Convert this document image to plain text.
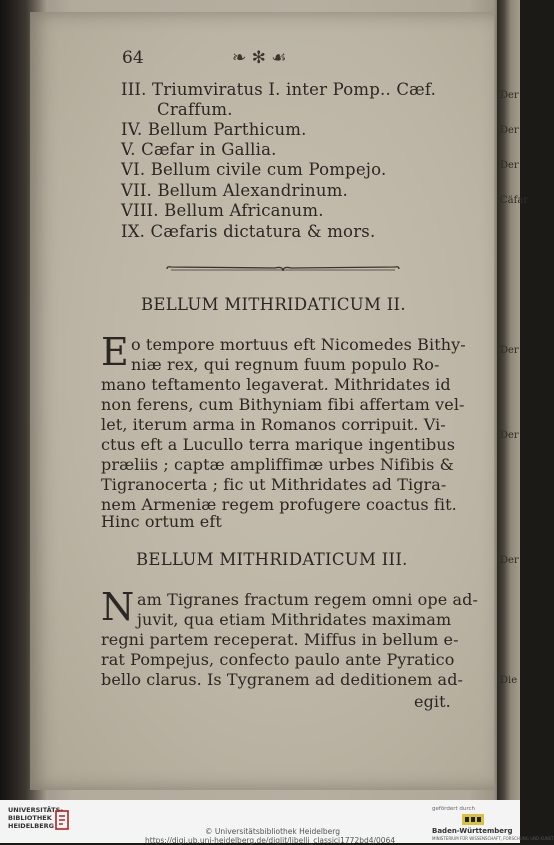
64	❧ ✻ ☙
III. Triumviratus I. inter Pomp.. Cæf.
Craffum.
IV. Bellum Parthicum.
V. Cæfar in Gallia.
VI. Bellum civile cum Pompejo.
VII. Bellum Alexandrinum.
VIII. Bellum Africanum.
IX. Cæfaris dictatura & mors.
BELLUM MITHRIDATICUM II.
E o tempore mortuus eft Nicomedes Bithy-
niæ rex, qui regnum fuum populo Ro-
mano teftamento legaverat. Mithridates id
non ferens, cum Bithyniam fibi affertam vel-
let, iterum arma in Romanos corripuit. Vi-
ctus eft a Lucullo terra marique ingentibus
præliis ; captæ ampliffimæ urbes Nifibis &
Tigranocerta ; fic ut Mithridates ad Tigra-
nem Armeniæ regem profugere coactus fit.
Hinc ortum eft
BELLUM MITHRIDATICUM III.
N am Tigranes fractum regem omni ope ad-
juvit, qua etiam Mithridates maximam
regni partem receperat. Miffus in bellum e-
rat Pompejus, confecto paulo ante Pyratico
bello clarus. Is Tygranem ad deditionem ad-
egit.
Der
Der
Der
Cäfar
Der
Der
Der
Die
UNIVERSITÄTS-
BIBLIOTHEK
HEIDELBERG
© Universitätsbibliothek Heidelberg
https://digi.ub.uni-heidelberg.de/diglit/libelli_classici1772bd4/0064
gefördert durch
Baden-Württemberg
MINISTERIUM FÜR WISSENSCHAFT, FORSCHUNG UND KUNST
